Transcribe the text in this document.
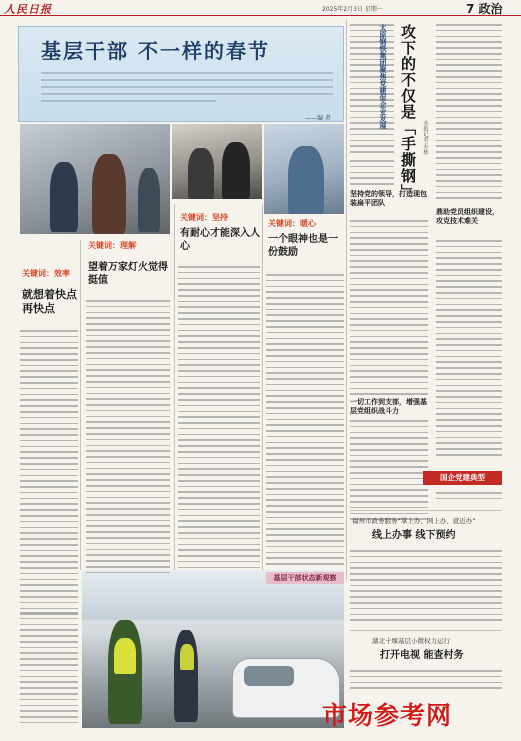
人民日报	2025年2月3日 星期一	7 政治
基层干部 不一样的春节
——编 者
基层干部状态新观察
关键词：效率
就想着快点再快点
关键词：理解
望着万家灯火觉得挺值
关键词：坚持
有耐心才能深入人心
关键词：暖心
一个眼神也是一份鼓励
太原钢铁集团聚焦党建促企业发展 攻下的不仅是「手撕钢」 本报记者 乔栋
鼎助党员组织建设，攻克技术难关
坚持党的领导，打造现包装扁平团队
一切工作到支部，增强基层党组织战斗力
国企党建典型
福州市政务服务“掌上办、网上办、就近办”
线上办事 线下预约
湖北十堰基层小微权力运行
打开电视 能查村务
市场参考网
